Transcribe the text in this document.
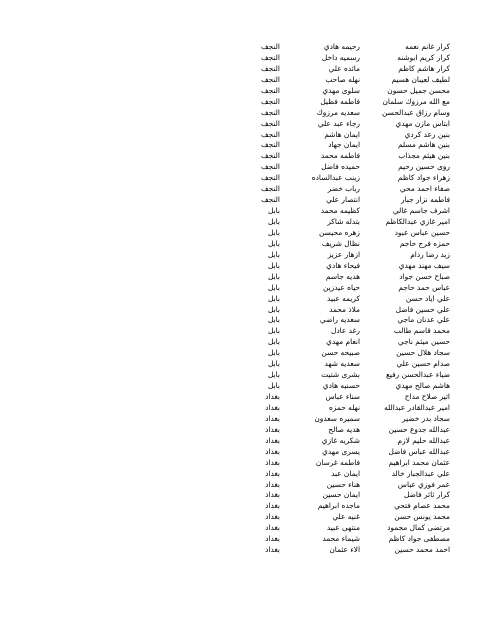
كرار غانم نعمه
رحيمه هادي
النجف
كرار كريم ابوشنه
رسميه داخل
النجف
كرار هاشم كاظم
مائده علي
النجف
لطيف لعيبان هسيم
نهله صاحب
النجف
محسن جميل حسون
سلوى مهدي
النجف
مع الله مرزوك سلمان
فاطمه فظيل
النجف
وسام رزاق عبدالحسن
سعديه مرزوك
النجف
ابتاس مازن مهدي
رجاء عبد علي
النجف
بنين رعد كردي
ايمان هاشم
النجف
بنين هاشم مسلم
ايمان جهاد
النجف
بنين هيثم مجذاب
فاطمه محمد
النجف
روى حسين رحيم
حميده فاضل
النجف
زهراء جواد كاظم
زينب عبدالساده
النجف
صفاء احمد محي
رباب خضر
النجف
فاطمه نزار جبار
انتصار علي
النجف
اشرف جاسم غالي
كظيمه محمد
بابل
امير غازي عبدالكاظم
بتدله شاكر
بابل
حسين عباس عبود
زهره محيسن
بابل
حمزه فرج حاجم
نظال شريف
بابل
زيد رضا ردام
ازهار عزيز
بابل
سيف مهند مهدي
فيحاء هادي
بابل
صباح حسن جواد
هديه جاسم
بابل
عباس حمد حاجم
حياه عيدزين
بابل
علي اياد حسن
كريمه عبيد
بابل
علي حسين فاضل
ملاذ محمد
بابل
علي عدنان ماجي
سعديه راضي
بابل
محمد قاسم طالب
رغد عادل
بابل
حسين ميثم ناجي
انعام مهدي
بابل
سجاد هلال حسين
صبيحه حسن
بابل
صدام حسين علي
سعديه شهد
بابل
ضياء عبدالحسن رفيع
بشرى شتيت
بابل
هاشم صالح مهدي
حسنيه هادي
بابل
اثير صلاح مداح
سناء عباس
بغداد
امير عبدالقادر عبدالله
نهله حمزه
بغداد
سجاد بدر خضير
سميره سعدون
بغداد
عبدالله جدوع حسين
هديه صالح
بغداد
عبدالله حليم لازم
شكريه غازي
بغداد
عبدالله عباس فاضل
يسرى مهدي
بغداد
عثمان محمد ابراهيم
فاطمه غرسان
بغداد
علي عبدالجبار خالد
ايمان عبد
بغداد
عمر فوزي عباس
هناء حسين
بغداد
كرار ثائر فاضل
ايمان حسين
بغداد
محمد عصام فتحي
ماجده ابراهيم
بغداد
محمد يونس حسن
غنيه علي
بغداد
مرتضى كمال محمود
منتهى عبيد
بغداد
مصطفى جواد كاظم
شيماء محمد
بغداد
احمد محمد حسين
الاء عثمان
بغداد
